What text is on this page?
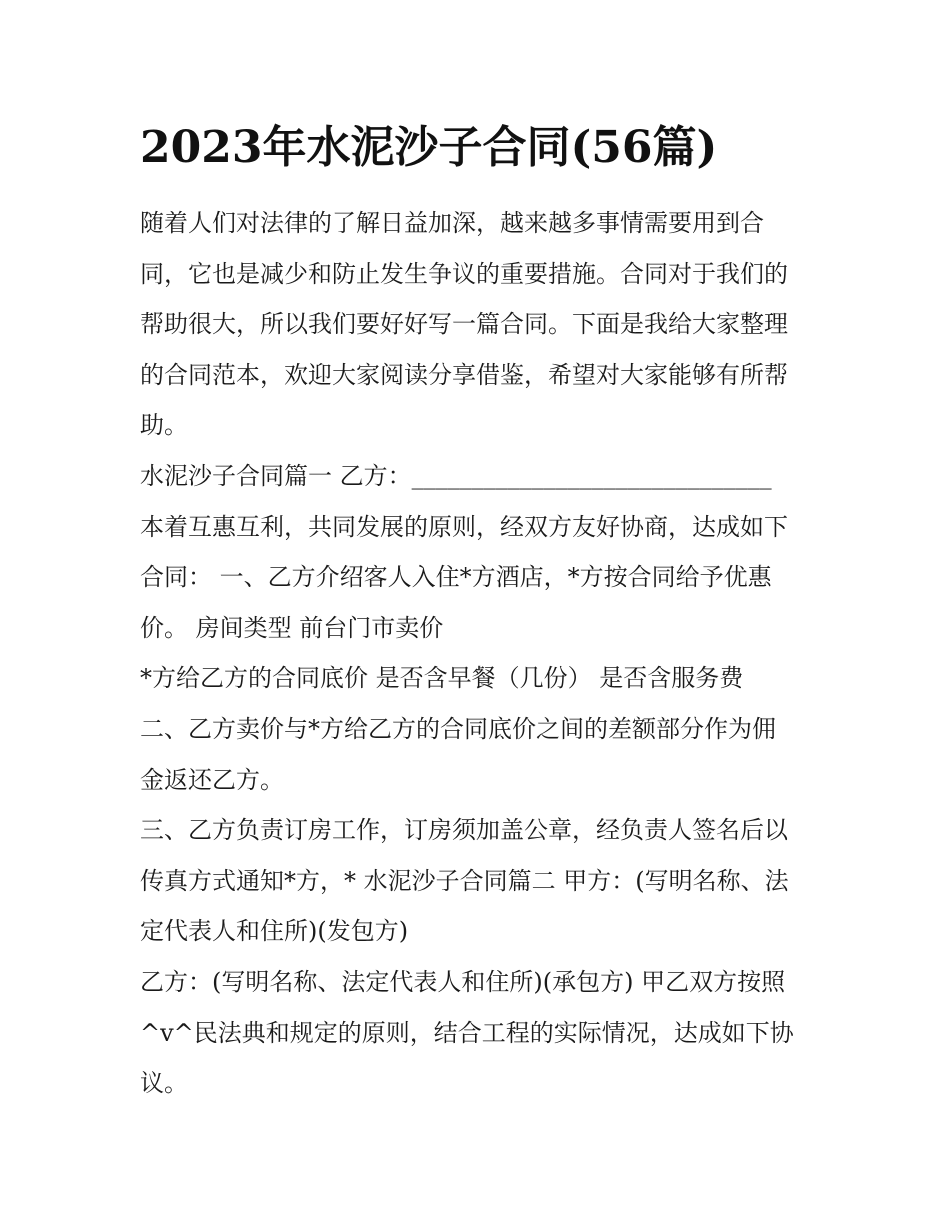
2023年水泥沙子合同(56篇)
随着人们对法律的了解日益加深，越来越多事情需要用到合
同，它也是减少和防止发生争议的重要措施。合同对于我们的
帮助很大，所以我们要好好写一篇合同。下面是我给大家整理
的合同范本，欢迎大家阅读分享借鉴，希望对大家能够有所帮
助。
水泥沙子合同篇一 乙方：______________________________
本着互惠互利，共同发展的原则，经双方友好协商，达成如下
合同： 一、乙方介绍客人入住*方酒店，*方按合同给予优惠
价。 房间类型 前台门市卖价
*方给乙方的合同底价 是否含早餐（几份） 是否含服务费
二、乙方卖价与*方给乙方的合同底价之间的差额部分作为佣
金返还乙方。
三、乙方负责订房工作，订房须加盖公章，经负责人签名后以
传真方式通知*方，* 水泥沙子合同篇二 甲方：(写明名称、法
定代表人和住所)(发包方)
乙方：(写明名称、法定代表人和住所)(承包方) 甲乙双方按照
^v^民法典和规定的原则，结合工程的实际情况，达成如下协
议。
